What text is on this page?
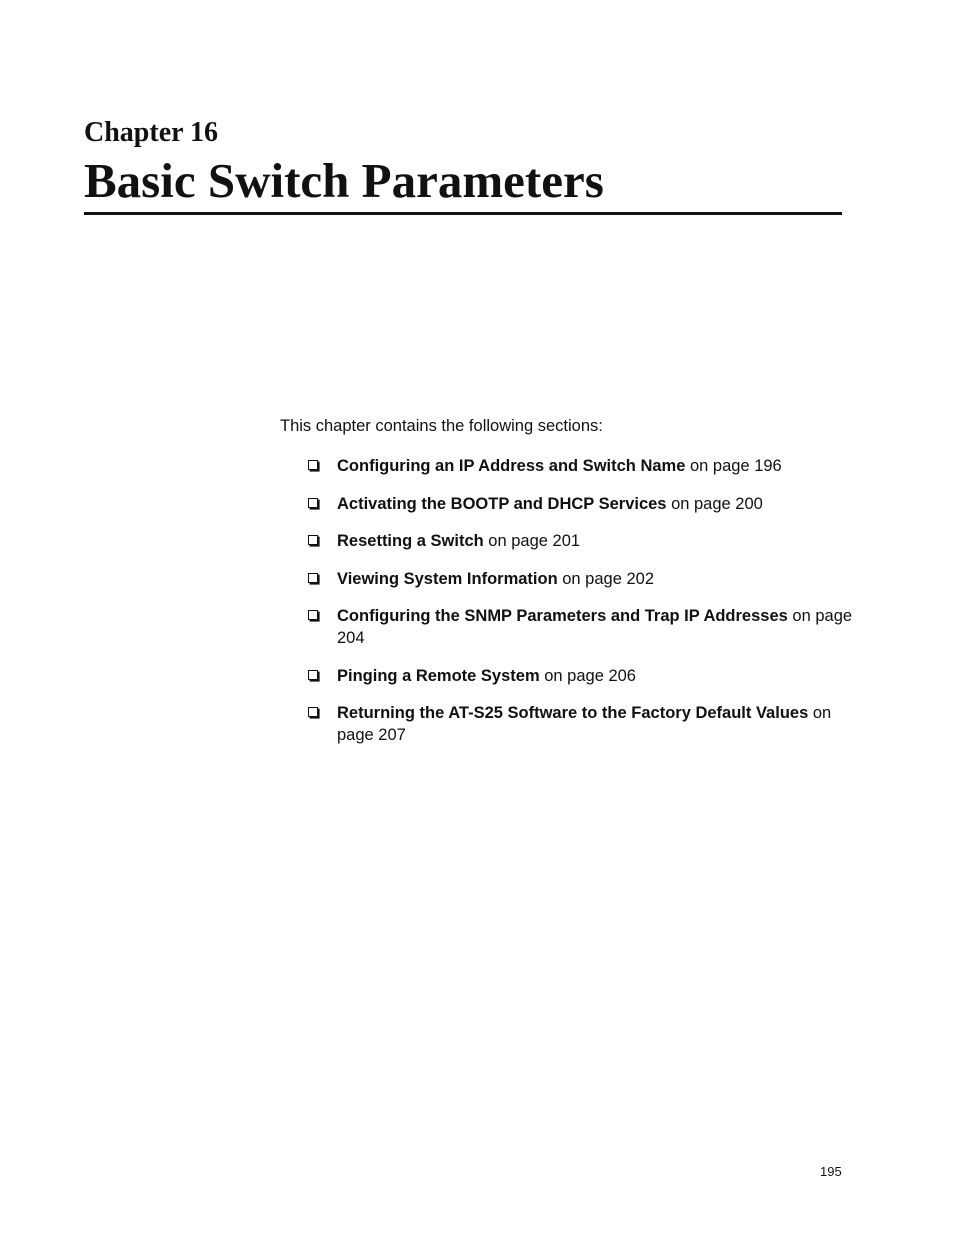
Chapter 16
Basic Switch Parameters
This chapter contains the following sections:
Configuring an IP Address and Switch Name on page 196
Activating the BOOTP and DHCP Services on page 200
Resetting a Switch on page 201
Viewing System Information on page 202
Configuring the SNMP Parameters and Trap IP Addresses on page 204
Pinging a Remote System on page 206
Returning the AT-S25 Software to the Factory Default Values on page 207
195
